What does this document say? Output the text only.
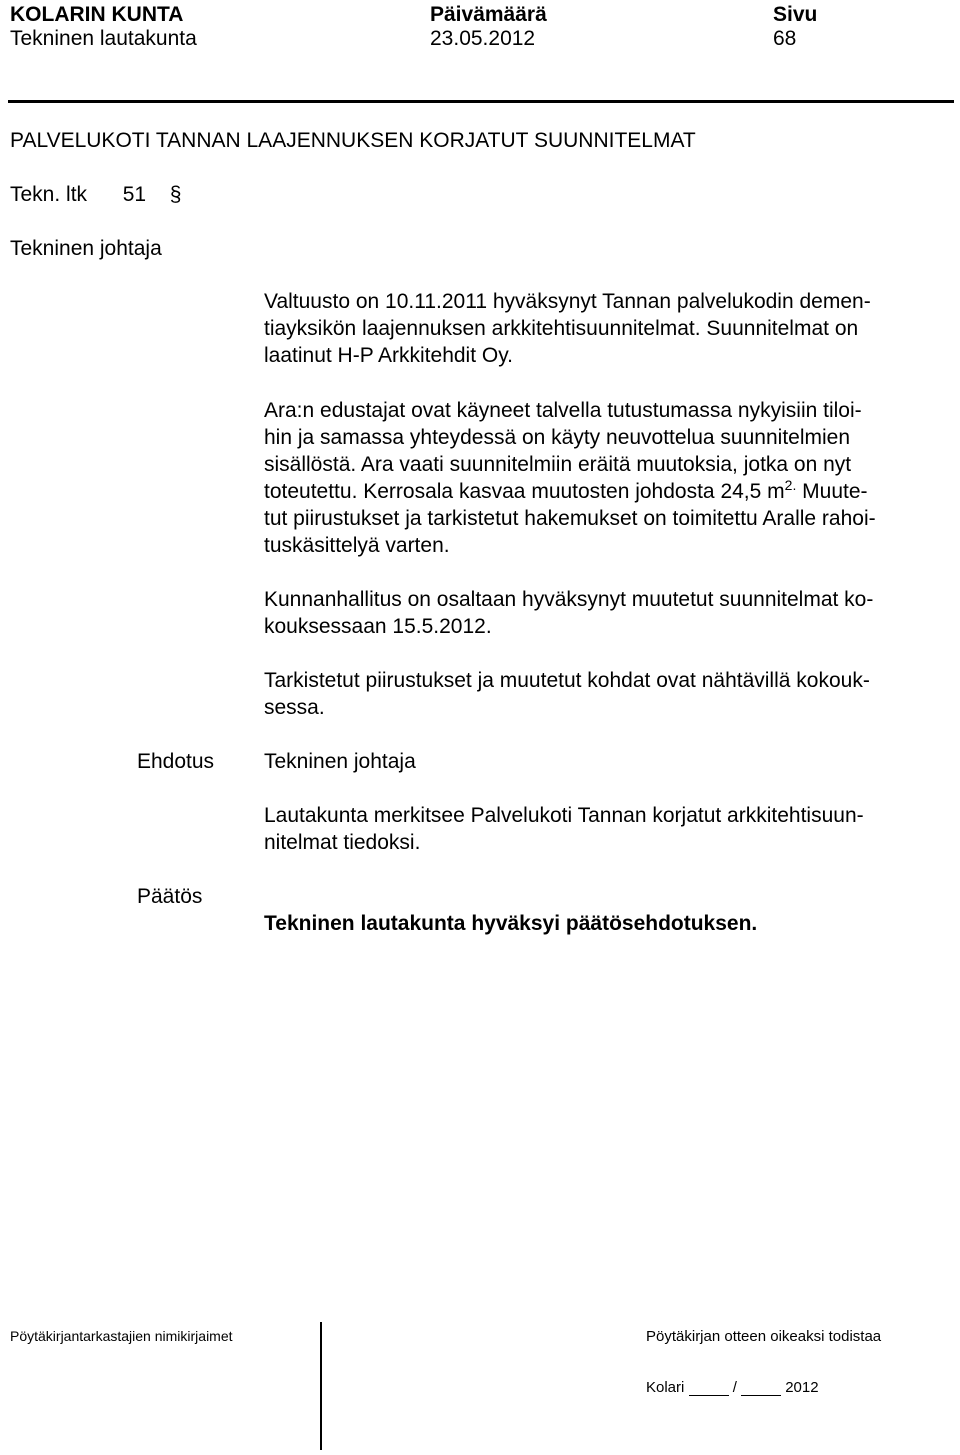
KOLARIN KUNTA
Tekninen lautakunta
Päivämäärä
23.05.2012
Sivu
68
PALVELUKOTI TANNAN LAAJENNUKSEN KORJATUT SUUNNITELMAT
Tekn. ltk 51 §
Tekninen johtaja
Valtuusto on 10.11.2011 hyväksynyt Tannan palvelukodin demen-
tiayksikön laajennuksen arkkitehtisuunnitelmat. Suunnitelmat on
laatinut H-P Arkkitehdit Oy.
Ara:n edustajat ovat käyneet talvella tutustumassa nykyisiin tiloi-
hin ja samassa yhteydessä on käyty neuvottelua suunnitelmien
sisällöstä. Ara vaati suunnitelmiin eräitä muutoksia, jotka on nyt
toteutettu. Kerrosala kasvaa muutosten johdosta 24,5 $m^{2.}$ Muute-
tut piirustukset ja tarkistetut hakemukset on toimitettu Aralle rahoi-
tuskäsittelyä varten.
Kunnanhallitus on osaltaan hyväksynyt muutetut suunnitelmat ko-
kouksessaan 15.5.2012.
Tarkistetut piirustukset ja muutetut kohdat ovat nähtävillä kokouk-
sessa.
Ehdotus Tekninen johtaja
Lautakunta merkitsee Palvelukoti Tannan korjatut arkkitehtisuun-
nitelmat tiedoksi.
Päätös
Tekninen lautakunta hyväksyi päätösehdotuksen.
Pöytäkirjantarkastajien nimikirjaimet	Pöytäkirjan otteen oikeaksi todistaa
Kolari	/	2012
